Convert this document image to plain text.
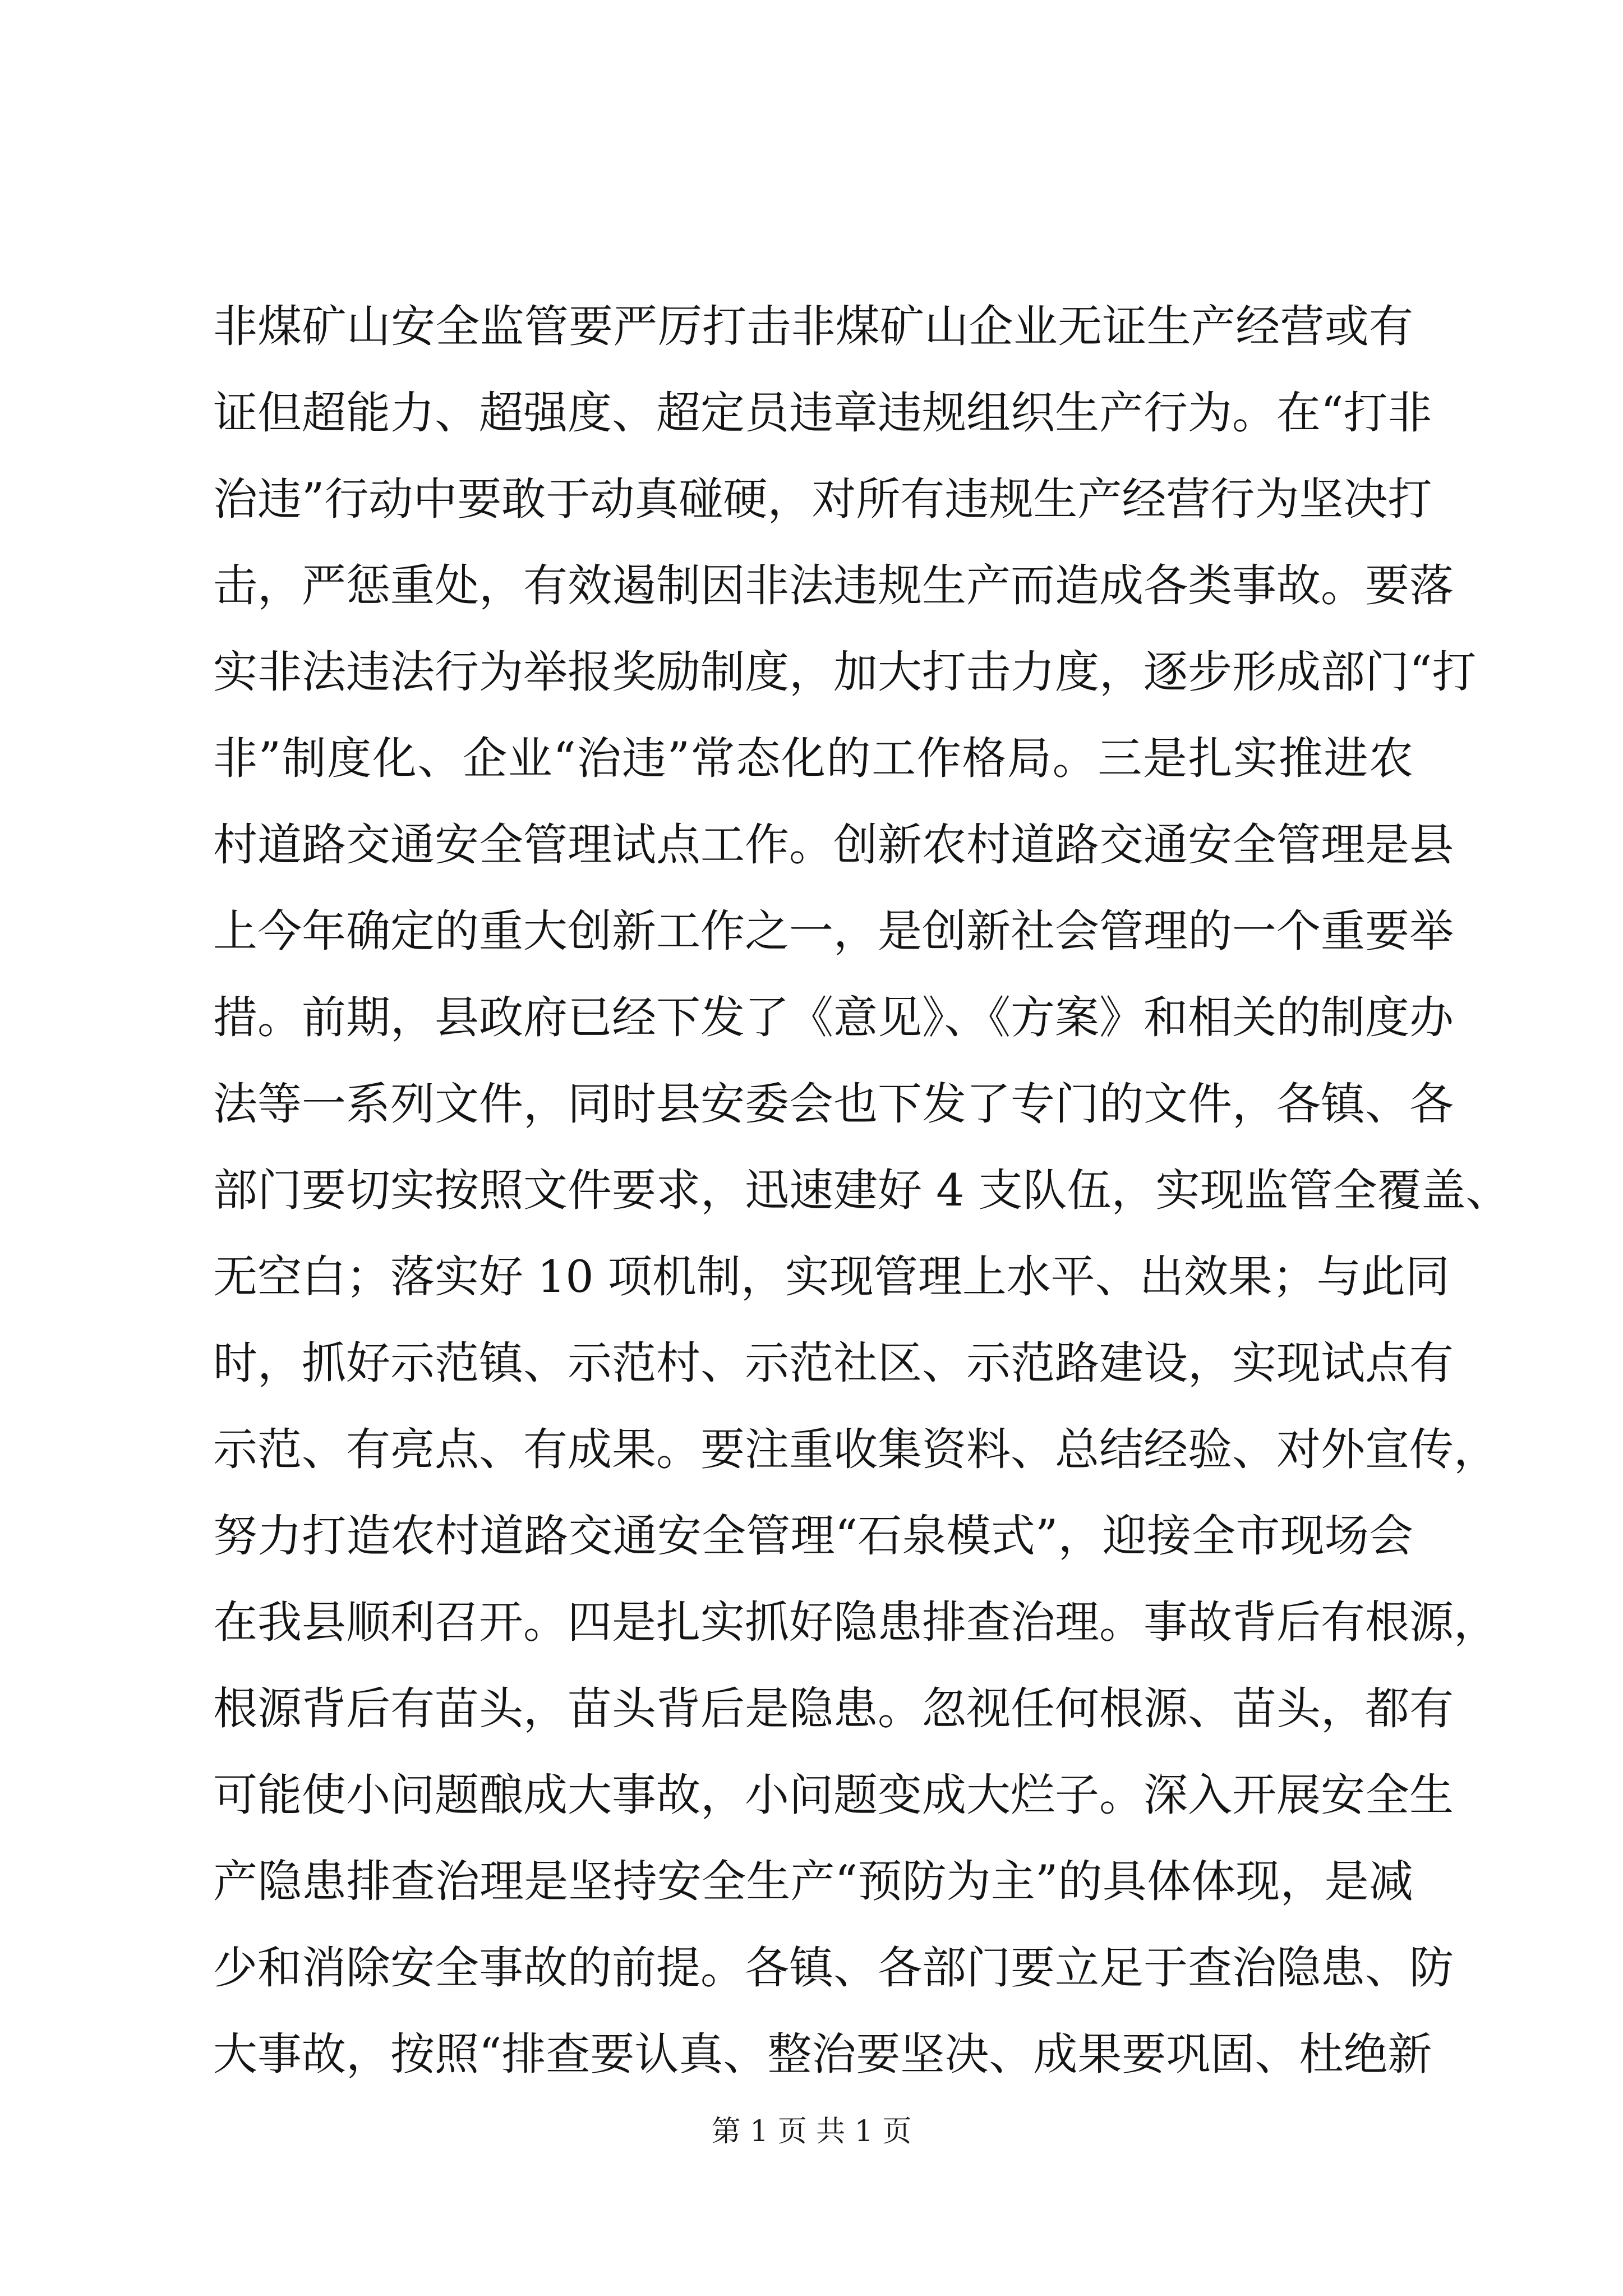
非煤矿山安全监管要严厉打击非煤矿山企业无证生产经营或有
证但超能力、超强度、超定员违章违规组织生产行为。在“打非
治违”行动中要敢于动真碰硬，对所有违规生产经营行为坚决打
击，严惩重处，有效遏制因非法违规生产而造成各类事故。要落
实非法违法行为举报奖励制度，加大打击力度，逐步形成部门“打
非”制度化、企业“治违”常态化的工作格局。三是扎实推进农
村道路交通安全管理试点工作。创新农村道路交通安全管理是县
上今年确定的重大创新工作之一，是创新社会管理的一个重要举
措。前期，县政府已经下发了《意见》、《方案》和相关的制度办
法等一系列文件，同时县安委会也下发了专门的文件，各镇、各
部门要切实按照文件要求，迅速建好 4 支队伍，实现监管全覆盖、
无空白；落实好 10 项机制，实现管理上水平、出效果；与此同
时，抓好示范镇、示范村、示范社区、示范路建设，实现试点有
示范、有亮点、有成果。要注重收集资料、总结经验、对外宣传，
努力打造农村道路交通安全管理“石泉模式”，迎接全市现场会
在我县顺利召开。四是扎实抓好隐患排查治理。事故背后有根源，
根源背后有苗头，苗头背后是隐患。忽视任何根源、苗头，都有
可能使小问题酿成大事故，小问题变成大烂子。深入开展安全生
产隐患排查治理是坚持安全生产“预防为主”的具体体现，是减
少和消除安全事故的前提。各镇、各部门要立足于查治隐患、防
大事故，按照“排查要认真、整治要坚决、成果要巩固、杜绝新
第 1 页 共 1 页
